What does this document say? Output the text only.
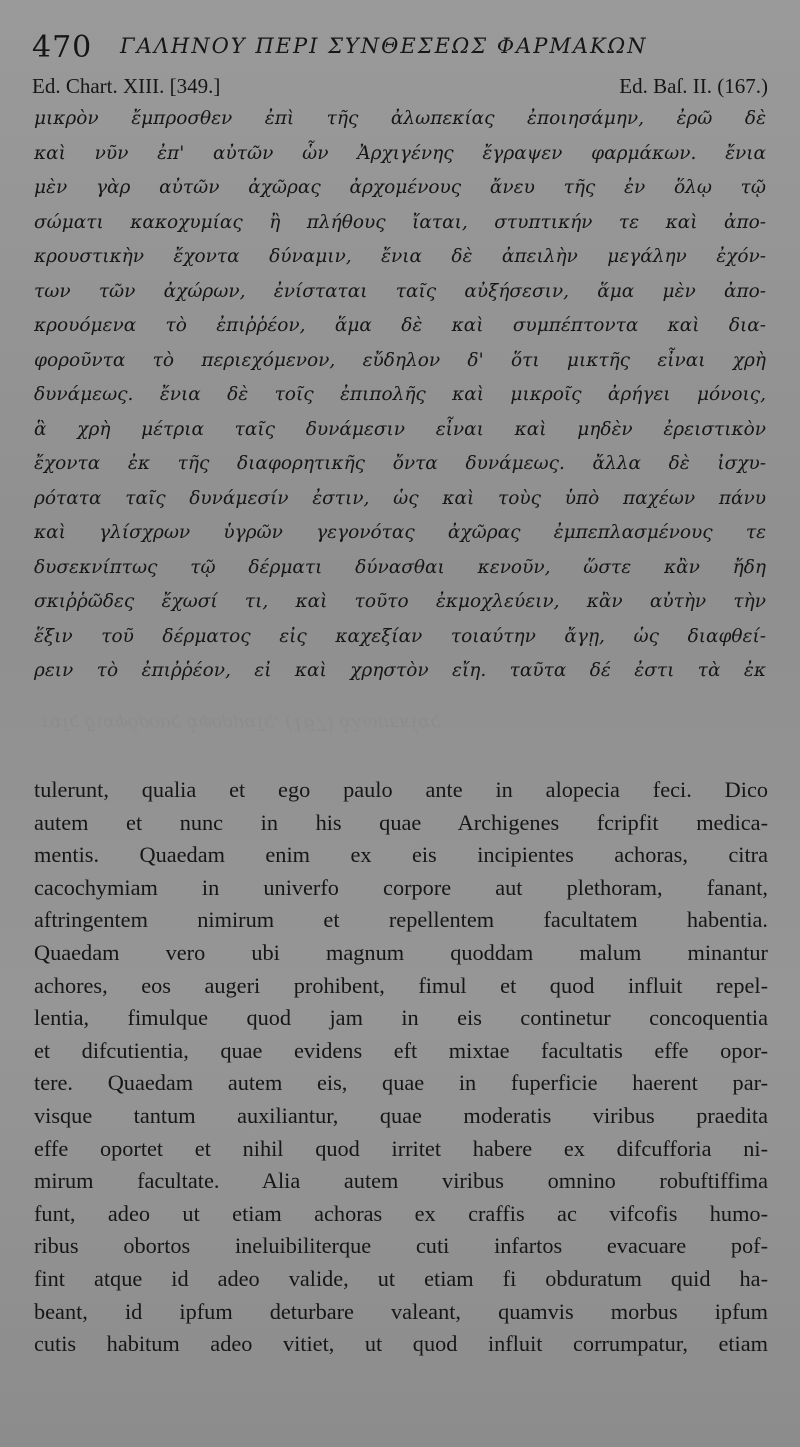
470 ΓΑΛΗΝΟΥ ΠΕΡΙ ΣΥΝΘΕΣΕΩΣ ΦΑΡΜΑΚΩΝ
Ed. Chart. XIII. [349.]	Ed. Baſ. II. (167.)
μικρὸν ἔμπροσθεν ἐπὶ τῆς ἀλωπεκίας ἐποιησάμην, ἐρῶ δὲ
καὶ νῦν ἐπ' αὐτῶν ὧν Ἀρχιγένης ἔγραψεν φαρμάκων. ἔνια
μὲν γὰρ αὐτῶν ἀχῶρας ἀρχομένους ἄνευ τῆς ἐν ὅλῳ τῷ
σώματι κακοχυμίας ἢ πλήθους ἴαται, στυπτικήν τε καὶ ἀπο-
κρουστικὴν ἔχοντα δύναμιν, ἔνια δὲ ἀπειλὴν μεγάλην ἐχόν-
των τῶν ἀχώρων, ἐνίσταται ταῖς αὐξήσεσιν, ἅμα μὲν ἀπο-
κρουόμενα τὸ ἐπιῤῥέον, ἅμα δὲ καὶ συμπέπτοντα καὶ δια-
φοροῦντα τὸ περιεχόμενον, εὔδηλον δ' ὅτι μικτῆς εἶναι χρὴ
δυνάμεως. ἔνια δὲ τοῖς ἐπιπολῆς καὶ μικροῖς ἀρήγει μόνοις,
ἃ χρὴ μέτρια ταῖς δυνάμεσιν εἶναι καὶ μηδὲν ἐρειστικὸν
ἔχοντα ἐκ τῆς διαφορητικῆς ὄντα δυνάμεως. ἄλλα δὲ ἰσχυ-
ρότατα ταῖς δυνάμεσίν ἐστιν, ὡς καὶ τοὺς ὑπὸ παχέων πάνυ
καὶ γλίσχρων ὑγρῶν γεγονότας ἀχῶρας ἐμπεπλασμένους τε
δυσεκνίπτως τῷ δέρματι δύνασθαι κενοῦν, ὥστε κἂν ἤδη
σκιῤῥῶδες ἔχωσί τι, καὶ τοῦτο ἐκμοχλεύειν, κἂν αὐτὴν τὴν
ἕξιν τοῦ δέρματος εἰς καχεξίαν τοιαύτην ἄγῃ, ὡς διαφθεί-
ρειν τὸ ἐπιῤῥέον, εἰ καὶ χρηστὸν εἴη. ταῦτα δέ ἐστι τὰ ἐκ
ταῖς διαφόρους ἀφορμαῖς, (167) ἀλωπεκίας
tulerunt, qualia et ego paulo ante in alopecia feci. Dico
autem et nunc in his quae Archigenes fcripfit medica-
mentis. Quaedam enim ex eis incipientes achoras, citra
cacochymiam in univerfo corpore aut plethoram, fanant,
aftringentem nimirum et repellentem facultatem habentia.
Quaedam vero ubi magnum quoddam malum minantur
achores, eos augeri prohibent, fimul et quod influit repel-
lentia, fimulque quod jam in eis continetur concoquentia
et difcutientia, quae evidens eft mixtae facultatis effe opor-
tere. Quaedam autem eis, quae in fuperficie haerent par-
visque tantum auxiliantur, quae moderatis viribus praedita
effe oportet et nihil quod irritet habere ex difcufforia ni-
mirum facultate. Alia autem viribus omnino robuftiffima
funt, adeo ut etiam achoras ex craffis ac vifcofis humo-
ribus obortos ineluibiliterque cuti infartos evacuare pof-
fint atque id adeo valide, ut etiam fi obduratum quid ha-
beant, id ipfum deturbare valeant, quamvis morbus ipfum
cutis habitum adeo vitiet, ut quod influit corrumpatur, etiam
